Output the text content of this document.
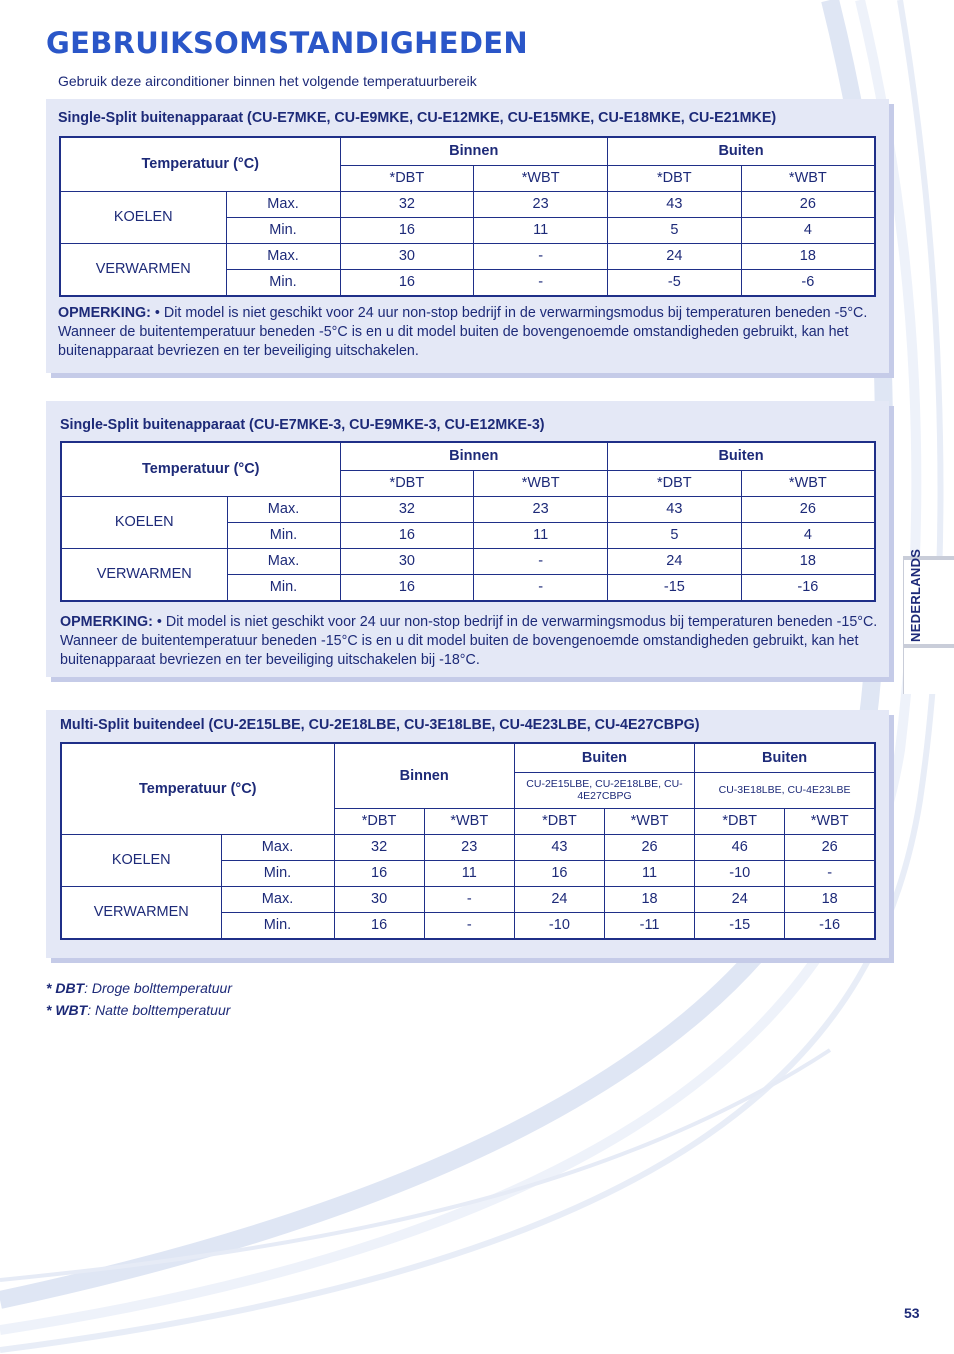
GEBRUIKSOMSTANDIGHEDEN
Gebruik deze airconditioner binnen het volgende temperatuurbereik
Single-Split buitenapparaat (CU-E7MKE, CU-E9MKE, CU-E12MKE, CU-E15MKE, CU-E18MKE, CU-E21MKE)
Temperatuur (°C)		Binnen		Buiten	
		*DBT	*WBT	*DBT	*WBT
KOELEN	Max.	32	23	43	26
	Min.	16	11	5	4
VERWARMEN	Max.	30	-	24	18
	Min.	16	-	-5	-6
OPMERKING: • Dit model is niet geschikt voor 24 uur non-stop bedrijf in de verwarmingsmodus bij temperaturen beneden -5°C. Wanneer de buitentemperatuur beneden -5°C is en u dit model buiten de bovengenoemde omstandigheden gebruikt, kan het buitenapparaat bevriezen en ter beveiliging uitschakelen.
Single-Split buitenapparaat (CU-E7MKE-3, CU-E9MKE-3, CU-E12MKE-3)
Temperatuur (°C)		Binnen		Buiten	
		*DBT	*WBT	*DBT	*WBT
KOELEN	Max.	32	23	43	26
	Min.	16	11	5	4
VERWARMEN	Max.	30	-	24	18
	Min.	16	-	-15	-16
OPMERKING: • Dit model is niet geschikt voor 24 uur non-stop bedrijf in de verwarmingsmodus bij temperaturen beneden -15°C. Wanneer de buitentemperatuur beneden -15°C is en u dit model buiten de bovengenoemde omstandigheden gebruikt, kan het buitenapparaat bevriezen en ter beveiliging uitschakelen bij -18°C.
Multi-Split buitendeel (CU-2E15LBE, CU-2E18LBE, CU-3E18LBE, CU-4E23LBE, CU-4E27CBPG)
Temperatuur (°C)		Binnen		Buiten		Buiten	
				CU-2E15LBE, CU-2E18LBE, CU-4E27CBPG		CU-3E18LBE, CU-4E23LBE	
		*DBT	*WBT	*DBT	*WBT	*DBT	*WBT
KOELEN	Max.	32	23	43	26	46	26
	Min.	16	11	16	11	-10	-
VERWARMEN	Max.	30	-	24	18	24	18
	Min.	16	-	-10	-11	-15	-16
* DBT: Droge bolttemperatuur
* WBT: Natte bolttemperatuur
NEDERLANDS
53
